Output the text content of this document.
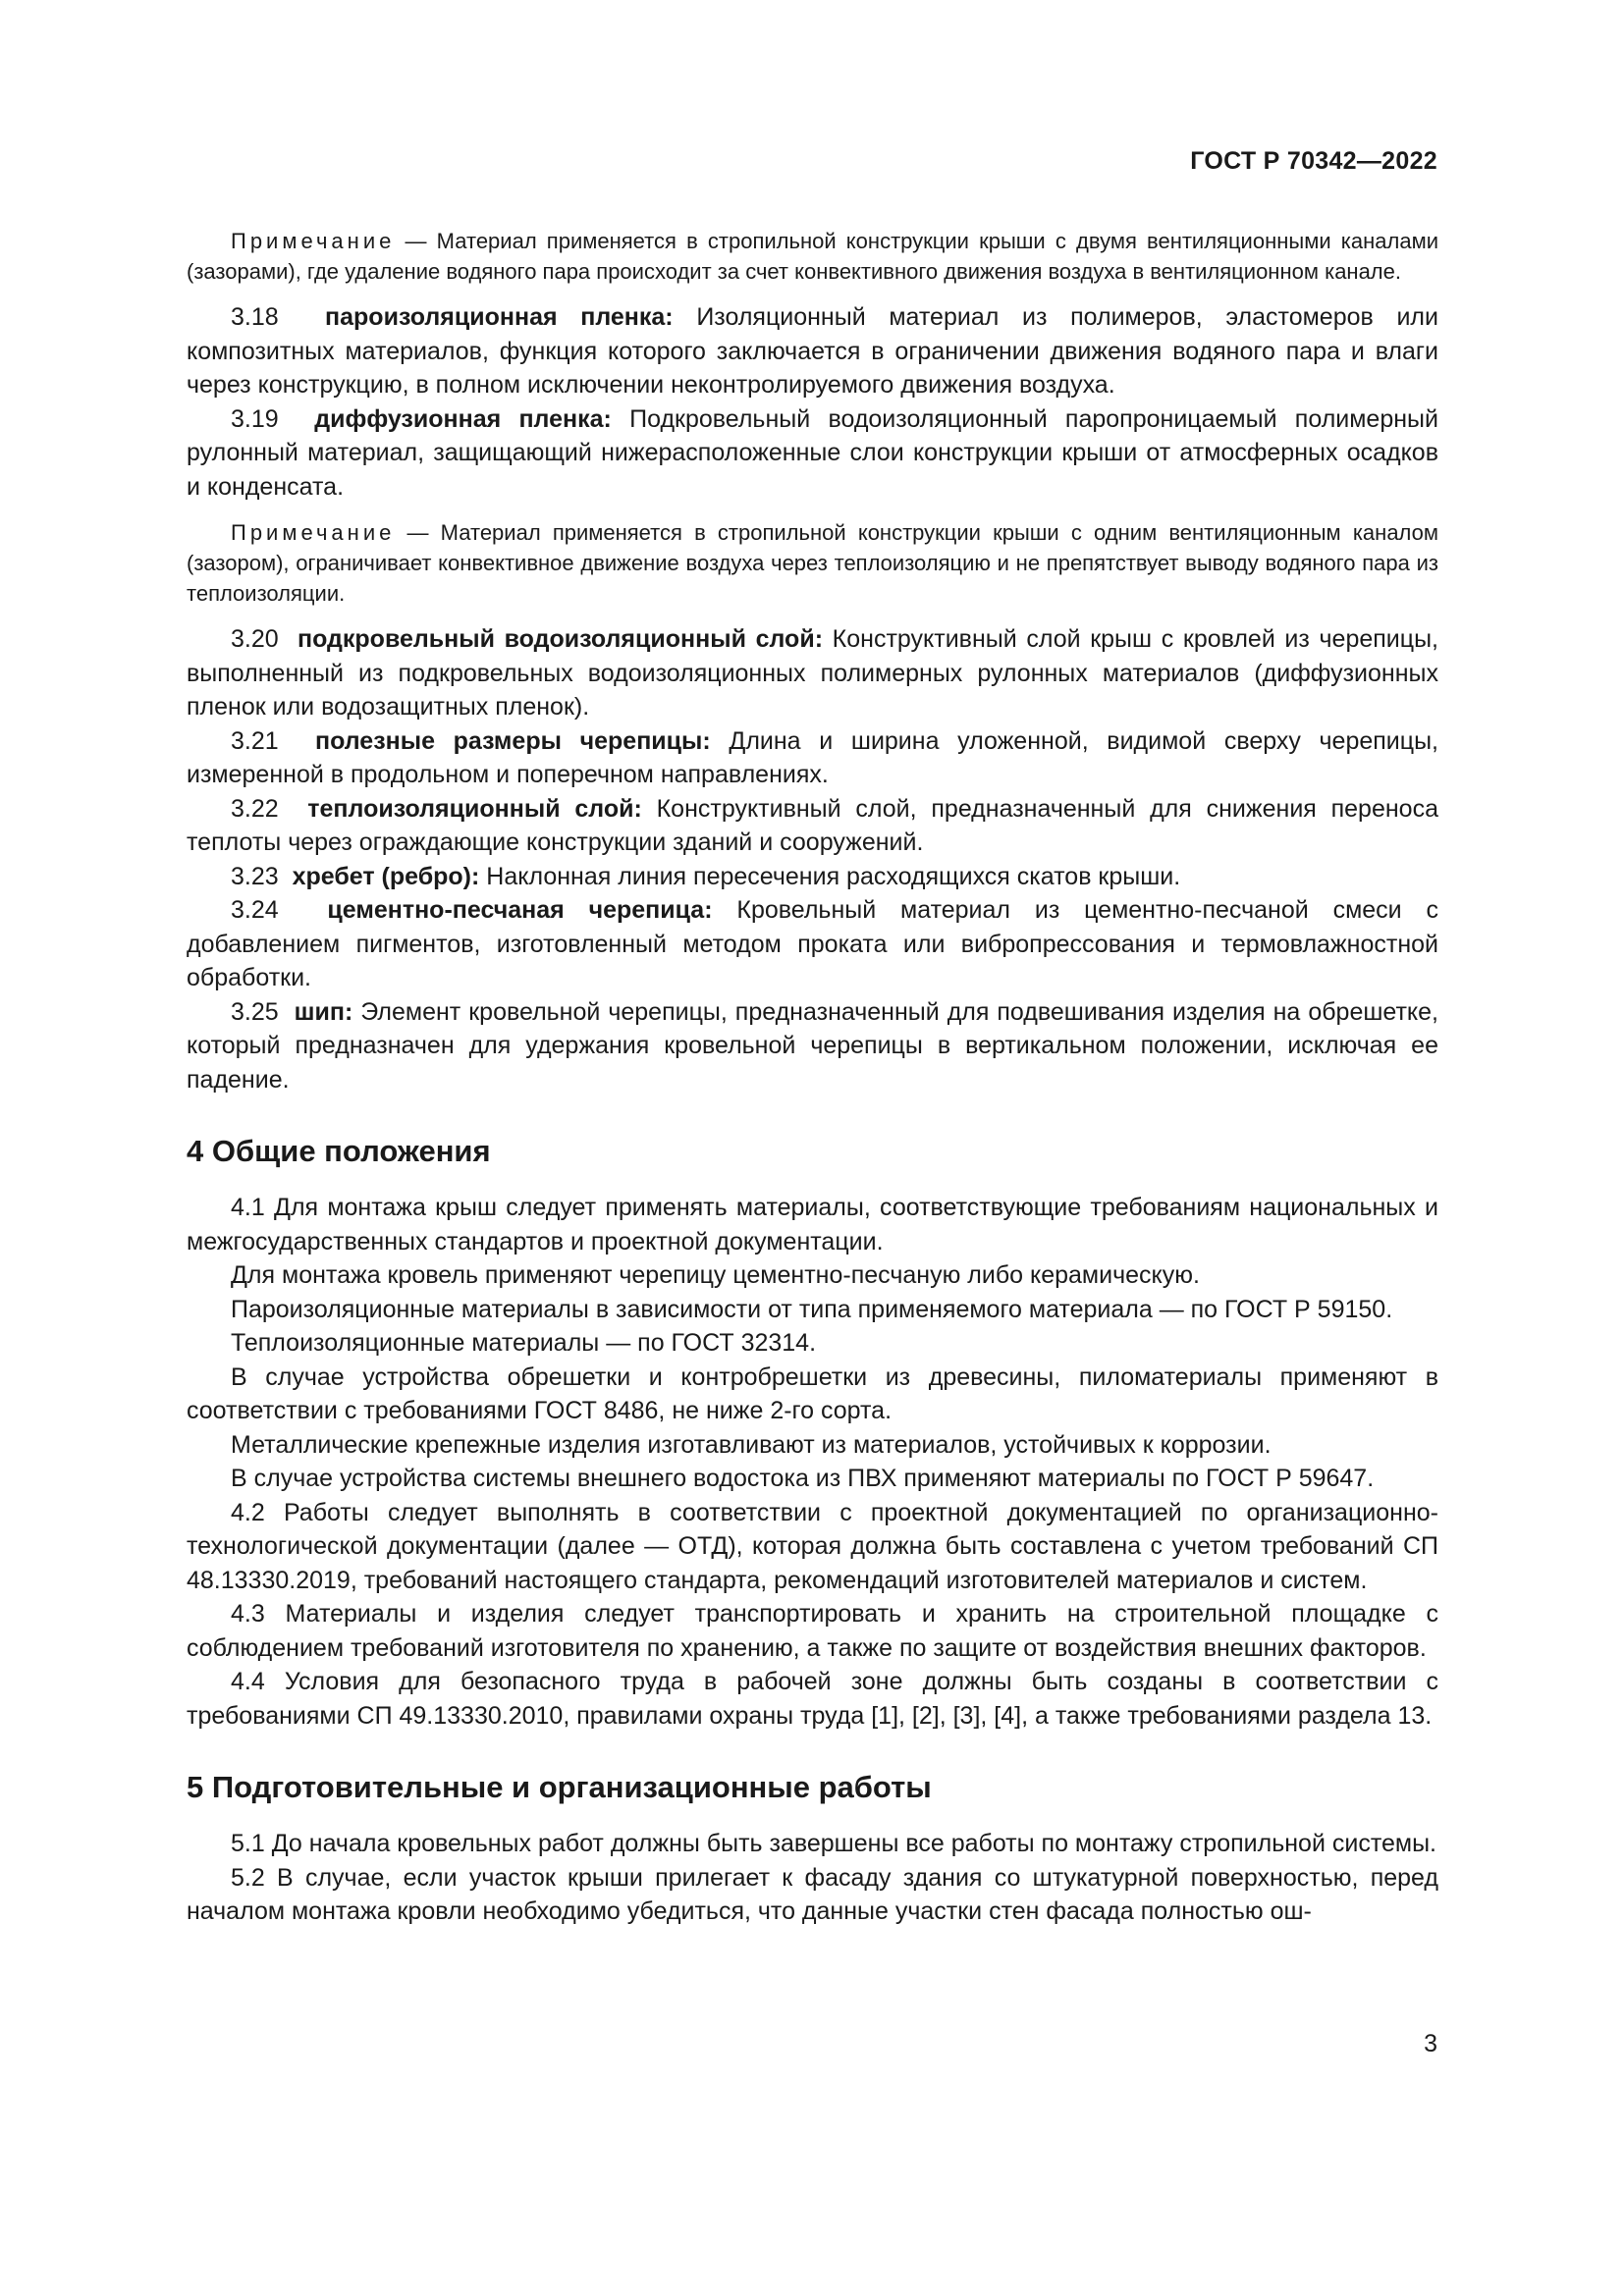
ГОСТ Р 70342—2022

Примечание — Материал применяется в стропильной конструкции крыши с двумя вентиляционными каналами (зазорами), где удаление водяного пара происходит за счет конвективного движения воздуха в вентиляционном канале.

3.18 пароизоляционная пленка: Изоляционный материал из полимеров, эластомеров или композитных материалов, функция которого заключается в ограничении движения водяного пара и влаги через конструкцию, в полном исключении неконтролируемого движения воздуха.

3.19 диффузионная пленка: Подкровельный водоизоляционный паропроницаемый полимерный рулонный материал, защищающий нижерасположенные слои конструкции крыши от атмосферных осадков и конденсата.

Примечание — Материал применяется в стропильной конструкции крыши с одним вентиляционным каналом (зазором), ограничивает конвективное движение воздуха через теплоизоляцию и не препятствует выводу водяного пара из теплоизоляции.

3.20 подкровельный водоизоляционный слой: Конструктивный слой крыш с кровлей из черепицы, выполненный из подкровельных водоизоляционных полимерных рулонных материалов (диффузионных пленок или водозащитных пленок).

3.21 полезные размеры черепицы: Длина и ширина уложенной, видимой сверху черепицы, измеренной в продольном и поперечном направлениях.

3.22 теплоизоляционный слой: Конструктивный слой, предназначенный для снижения переноса теплоты через ограждающие конструкции зданий и сооружений.

3.23 хребет (ребро): Наклонная линия пересечения расходящихся скатов крыши.

3.24 цементно-песчаная черепица: Кровельный материал из цементно-песчаной смеси с добавлением пигментов, изготовленный методом проката или вибропрессования и термовлажностной обработки.

3.25 шип: Элемент кровельной черепицы, предназначенный для подвешивания изделия на обрешетке, который предназначен для удержания кровельной черепицы в вертикальном положении, исключая ее падение.

4 Общие положения

4.1 Для монтажа крыш следует применять материалы, соответствующие требованиям национальных и межгосударственных стандартов и проектной документации.

Для монтажа кровель применяют черепицу цементно-песчаную либо керамическую.

Пароизоляционные материалы в зависимости от типа применяемого материала — по ГОСТ Р 59150.

Теплоизоляционные материалы — по ГОСТ 32314.

В случае устройства обрешетки и контробрешетки из древесины, пиломатериалы применяют в соответствии с требованиями ГОСТ 8486, не ниже 2-го сорта.

Металлические крепежные изделия изготавливают из материалов, устойчивых к коррозии.

В случае устройства системы внешнего водостока из ПВХ применяют материалы по ГОСТ Р 59647.

4.2 Работы следует выполнять в соответствии с проектной документацией по организационно-технологической документации (далее — ОТД), которая должна быть составлена с учетом требований СП 48.13330.2019, требований настоящего стандарта, рекомендаций изготовителей материалов и систем.

4.3 Материалы и изделия следует транспортировать и хранить на строительной площадке с соблюдением требований изготовителя по хранению, а также по защите от воздействия внешних факторов.

4.4 Условия для безопасного труда в рабочей зоне должны быть созданы в соответствии с требованиями СП 49.13330.2010, правилами охраны труда [1], [2], [3], [4], а также требованиями раздела 13.

5 Подготовительные и организационные работы

5.1 До начала кровельных работ должны быть завершены все работы по монтажу стропильной системы.

5.2 В случае, если участок крыши прилегает к фасаду здания со штукатурной поверхностью, перед началом монтажа кровли необходимо убедиться, что данные участки стен фасада полностью ош-

3
